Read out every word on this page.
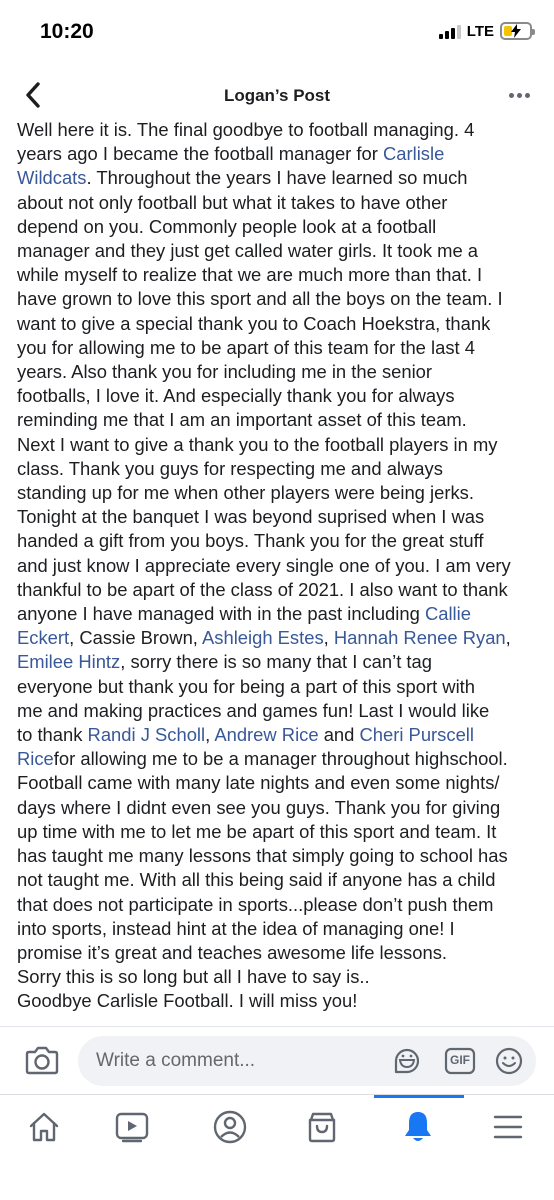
10:20	LTE
Logan’s Post

Well here it is. The final goodbye to football managing. 4

years ago I became the football manager for Carlisle

Wildcats. Throughout the years I have learned so much

about not only football but what it takes to have other

depend on you. Commonly people look at a football

manager and they just get called water girls. It took me a

while myself to realize that we are much more than that. I

have grown to love this sport and all the boys on the team. I

want to give a special thank you to Coach Hoekstra, thank

you for allowing me to be apart of this team for the last 4

years. Also thank you for including me in the senior

footballs, I love it. And especially thank you for always

reminding me that I am an important asset of this team.

Next I want to give a thank you to the football players in my

class. Thank you guys for respecting me and always

standing up for me when other players were being jerks.

Tonight at the banquet I was beyond suprised when I was

handed a gift from you boys. Thank you for the great stuff

and just know I appreciate every single one of you. I am very

thankful to be apart of the class of 2021. I also want to thank

anyone I have managed with in the past including Callie

Eckert, Cassie Brown, Ashleigh Estes, Hannah Renee Ryan,

Emilee Hintz, sorry there is so many that I can’t tag

everyone but thank you for being a part of this sport with

me and making practices and games fun! Last I would like

to thank Randi J Scholl, Andrew Rice and Cheri Purscell

Ricefor allowing me to be a manager throughout highschool.

Football came with many late nights and even some nights/

days where I didnt even see you guys. Thank you for giving

up time with me to let me be apart of this sport and team. It

has taught me many lessons that simply going to school has

not taught me. With all this being said if anyone has a child

that does not participate in sports...please don’t push them

into sports, instead hint at the idea of managing one! I

promise it’s great and teaches awesome life lessons.

Sorry this is so long but all I have to say is..

Goodbye Carlisle Football. I will miss you!

Write a comment...	GIF
